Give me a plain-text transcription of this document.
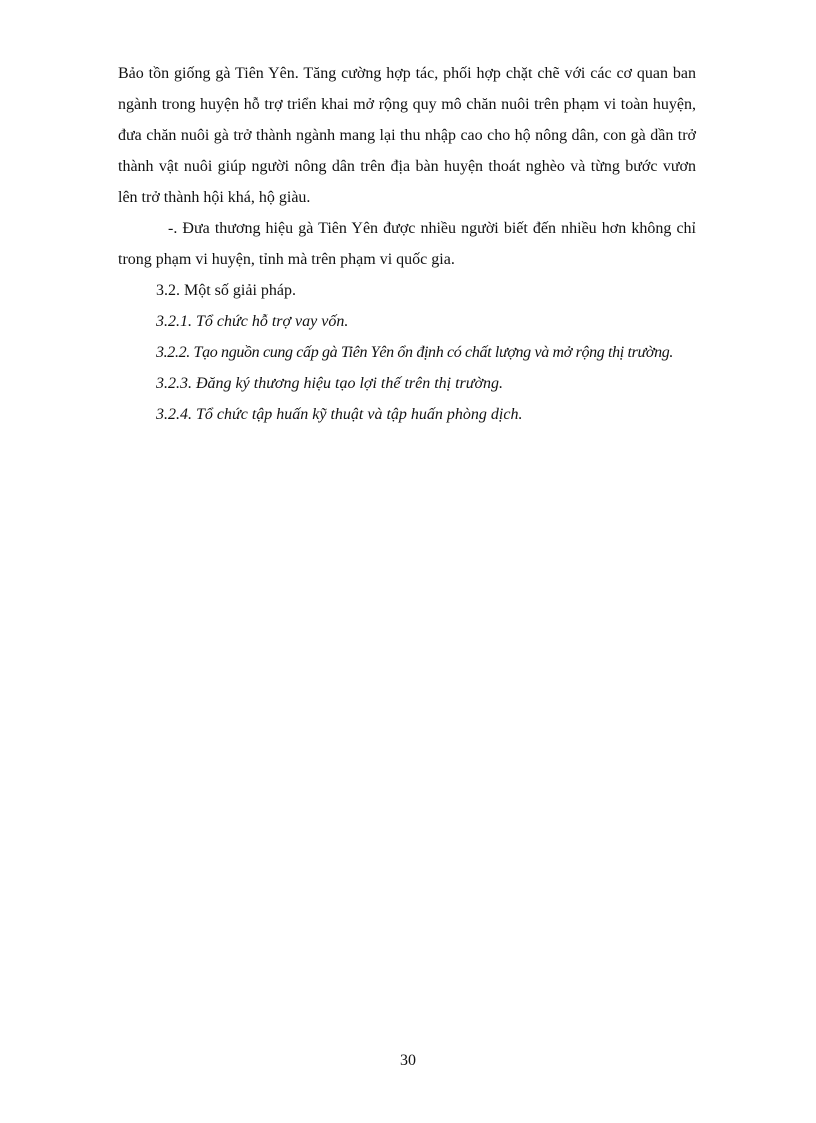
Bảo tồn giống gà Tiên Yên. Tăng cường hợp tác, phối hợp chặt chẽ với các cơ quan ban ngành trong huyện hỗ trợ triển khai mở rộng quy mô chăn nuôi trên phạm vi toàn huyện, đưa chăn nuôi gà trở thành ngành mang lại thu nhập cao cho hộ nông dân, con gà dần trở thành vật nuôi giúp người nông dân trên địa bàn huyện thoát nghèo và từng bước vươn lên trở thành hội khá, hộ giàu.

-. Đưa thương hiệu gà Tiên Yên được nhiều người biết đến nhiều hơn không chỉ trong phạm vi huyện, tỉnh mà trên phạm vi quốc gia.

3.2. Một số giải pháp.

3.2.1. Tổ chức hỗ trợ vay vốn.

3.2.2. Tạo nguồn cung cấp gà Tiên Yên ổn định có chất lượng và mở rộng thị trường.

3.2.3. Đăng ký thương hiệu tạo lợi thế trên thị trường.

3.2.4. Tổ chức tập huấn kỹ thuật và tập huấn phòng dịch.

30
